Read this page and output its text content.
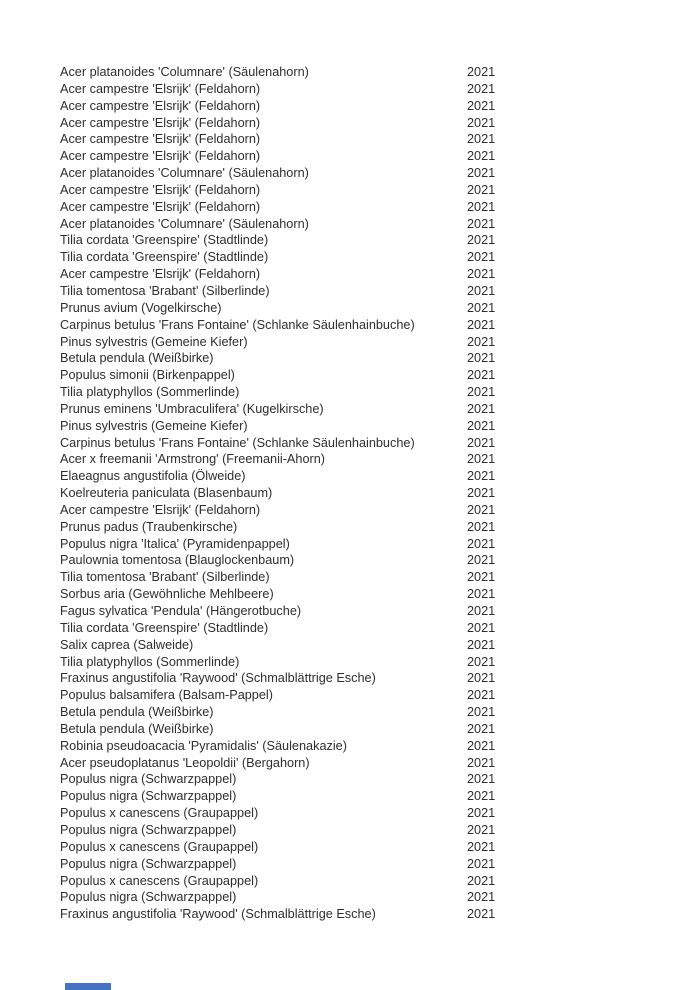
Acer platanoides 'Columnare' (Säulenahorn)	2021
Acer campestre 'Elsrijk' (Feldahorn)	2021
Acer campestre 'Elsrijk' (Feldahorn)	2021
Acer campestre 'Elsrijk' (Feldahorn)	2021
Acer campestre 'Elsrijk' (Feldahorn)	2021
Acer campestre 'Elsrijk' (Feldahorn)	2021
Acer platanoides 'Columnare' (Säulenahorn)	2021
Acer campestre 'Elsrijk' (Feldahorn)	2021
Acer campestre 'Elsrijk' (Feldahorn)	2021
Acer platanoides 'Columnare' (Säulenahorn)	2021
Tilia cordata 'Greenspire' (Stadtlinde)	2021
Tilia cordata 'Greenspire' (Stadtlinde)	2021
Acer campestre 'Elsrijk' (Feldahorn)	2021
Tilia tomentosa 'Brabant' (Silberlinde)	2021
Prunus avium (Vogelkirsche)	2021
Carpinus betulus 'Frans Fontaine' (Schlanke Säulenhainbuche)	2021
Pinus sylvestris (Gemeine Kiefer)	2021
Betula pendula (Weißbirke)	2021
Populus simonii (Birkenpappel)	2021
Tilia platyphyllos (Sommerlinde)	2021
Prunus eminens 'Umbraculifera' (Kugelkirsche)	2021
Pinus sylvestris (Gemeine Kiefer)	2021
Carpinus betulus 'Frans Fontaine' (Schlanke Säulenhainbuche)	2021
Acer x freemanii 'Armstrong' (Freemanii-Ahorn)	2021
Elaeagnus angustifolia (Ölweide)	2021
Koelreuteria paniculata (Blasenbaum)	2021
Acer campestre 'Elsrijk' (Feldahorn)	2021
Prunus padus (Traubenkirsche)	2021
Populus nigra 'Italica' (Pyramidenpappel)	2021
Paulownia tomentosa (Blauglockenbaum)	2021
Tilia tomentosa 'Brabant' (Silberlinde)	2021
Sorbus aria (Gewöhnliche Mehlbeere)	2021
Fagus sylvatica 'Pendula' (Hängerotbuche)	2021
Tilia cordata 'Greenspire' (Stadtlinde)	2021
Salix caprea (Salweide)	2021
Tilia platyphyllos (Sommerlinde)	2021
Fraxinus angustifolia 'Raywood' (Schmalblättrige Esche)	2021
Populus balsamifera (Balsam-Pappel)	2021
Betula pendula (Weißbirke)	2021
Betula pendula (Weißbirke)	2021
Robinia pseudoacacia 'Pyramidalis' (Säulenakazie)	2021
Acer pseudoplatanus 'Leopoldii' (Bergahorn)	2021
Populus nigra (Schwarzpappel)	2021
Populus nigra (Schwarzpappel)	2021
Populus x canescens (Graupappel)	2021
Populus nigra (Schwarzpappel)	2021
Populus x canescens (Graupappel)	2021
Populus nigra (Schwarzpappel)	2021
Populus x canescens (Graupappel)	2021
Populus nigra (Schwarzpappel)	2021
Fraxinus angustifolia 'Raywood' (Schmalblättrige Esche)	2021
